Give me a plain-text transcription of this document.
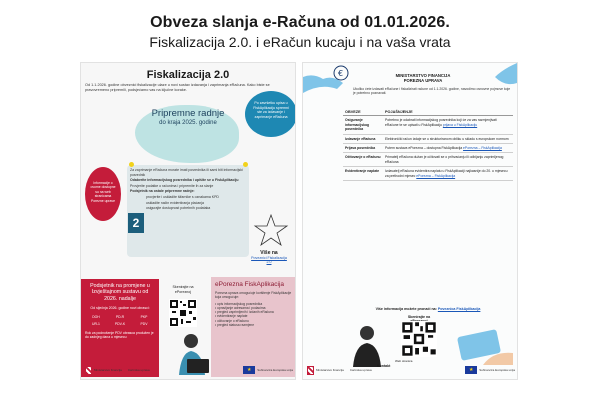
Obveza slanja e-Računa od 01.01.2026.
Fiskalizacija 2.0. i eRačun kucaju i na vaša vrata
Fiskalizacija 2.0
Od 1.1.2026. godine obveznici fiskalizacije ulaze u novi sustav izdavanja i zaprimanja eRačuna. Kako biste se pravovremeno pripremili, podsjećamo vas na ključne korake.
Pripremne radnje
do kraja 2025. godine
Po završetku upisa u FiskAplikaciju spremni ste za izdavanje i zaprimanje eRačuna
Informacije o ovome dostupne su na web stranicama Porezne uprave
Za zaprimanje eRačuna morate imati posrednika ili sami biti informacijski posrednik
Odaberite informacijskog posrednika i upišite se u FiskAplikaciju
Provjerite podatke o računima i pripremite ih za slanje
Podsjetnik na ostale pripremne radnje:
provjerite i uskladite šifarnike s oznakama KPD
uskladite način evidentiranja plaćanja
osigurajte dostupnost potrebnih podataka
2
Više na
Poveznici Fiskalizacija 2.0
Podsjetnik na promjene u Izvještajnom sustavu od 2026. nadalje
Od siječnja 2026. godine novi obrasci:
DOH	PD-R	PKP
UR-1	PDV-K	PDV
Rok za podnošenje PDV obrasca produžen je do zadnjeg dana u mjesecu
Skenirajte na ePoreznoj
ePorezna FiskAplikacija
Porezna uprava omogućuje korištenje FiskAplikacije koja omogućuje:
• upis informacijskog posrednika
• upravljanje adresama i podacima
• pregled zaprimljenih i izdanih eRačuna
• evidentiranje naplate
• očitovanje o eRačunu
• pregled statusa razmjene
Ministarstvo financija Carinska uprava	★	Sufinancira Europska unija
€	MINISTARSTVO FINANCIJA
POREZNA UPRAVA
Ukoliko ćete izdavati eRačune i fiskalizirati račune od 1.1.2026. godine, navodimo osnovne pojmove koje je potrebno poznavati.
OBVEZE	POJAŠNJENJE
Osiguranje informacijskog posrednika	Potrebno je odabrati informacijskog posrednika koji će za vas razmjenjivati eRačune te se upisati u FiskAplikaciju prijava u FiskAplikaciju
Izdavanje eRačuna	Elektronički račun izdaje se u strukturiranom obliku u skladu s europskom normom
Prijava posrednika	Putem sustava ePorezna – dostupna FiskAplikacija ePorezna – FiskAplikacija
Očitovanje o eRačunu	Primatelj eRačuna dužan je očitovati se o prihvaćanju ili odbijanju zaprimljenog eRačuna
Evidentiranje naplate	Izdavatelj eRačuna evidentira naplatu u FiskAplikaciji najkasnije do 20. u mjesecu za prethodni mjesec ePorezna – FiskAplikacija
Više informacija možete pronaći na: Poveznica FiskAplikacija
Skenirajte na
Web stranica
Kontakt
Ministarstvo financija Carinska uprava	★	Sufinancira Europska unija
